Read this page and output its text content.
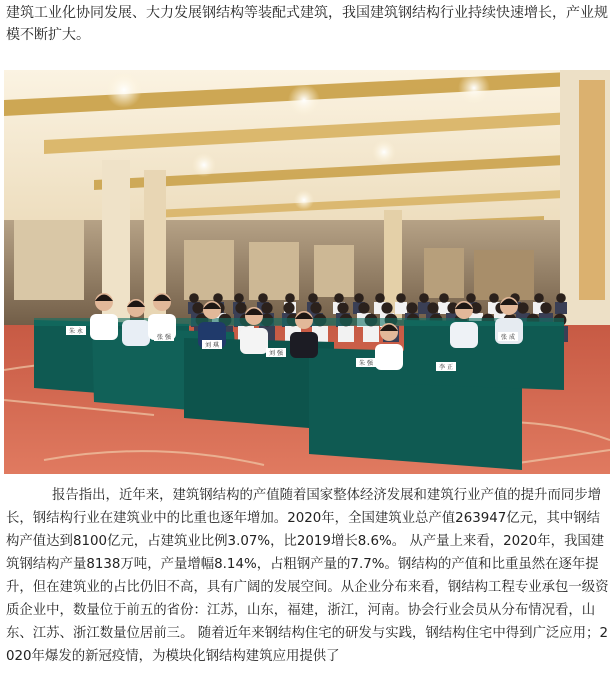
建筑工业化协同发展、大力发展钢结构等装配式建筑，我国建筑钢结构行业持续快速增长，产业规模不断扩大。

朱 永
张 强
刘 琪
刘 强
朱 强
李 正
张 成

报告指出，近年来，建筑钢结构的产值随着国家整体经济发展和建筑行业产值的提升而同步增长，钢结构行业在建筑业中的比重也逐年增加。2020年，全国建筑业总产值263947亿元，其中钢结构产值达到8100亿元，占建筑业比例3.07%，比2019增长8.6%。 从产量上来看，2020年，我国建筑钢结构产量8138万吨，产量增幅8.14%，占粗钢产量的7.7%。钢结构的产值和比重虽然在逐年提升，但在建筑业的占比仍旧不高，具有广阔的发展空间。从企业分布来看，钢结构工程专业承包一级资质企业中，数量位于前五的省份：江苏，山东，福建，浙江，河南。协会行业会员从分布情况看，山东、江苏、浙江数量位居前三。 随着近年来钢结构住宅的研发与实践，钢结构住宅中得到广泛应用；2020年爆发的新冠疫情，为模块化钢结构建筑应用提供了
